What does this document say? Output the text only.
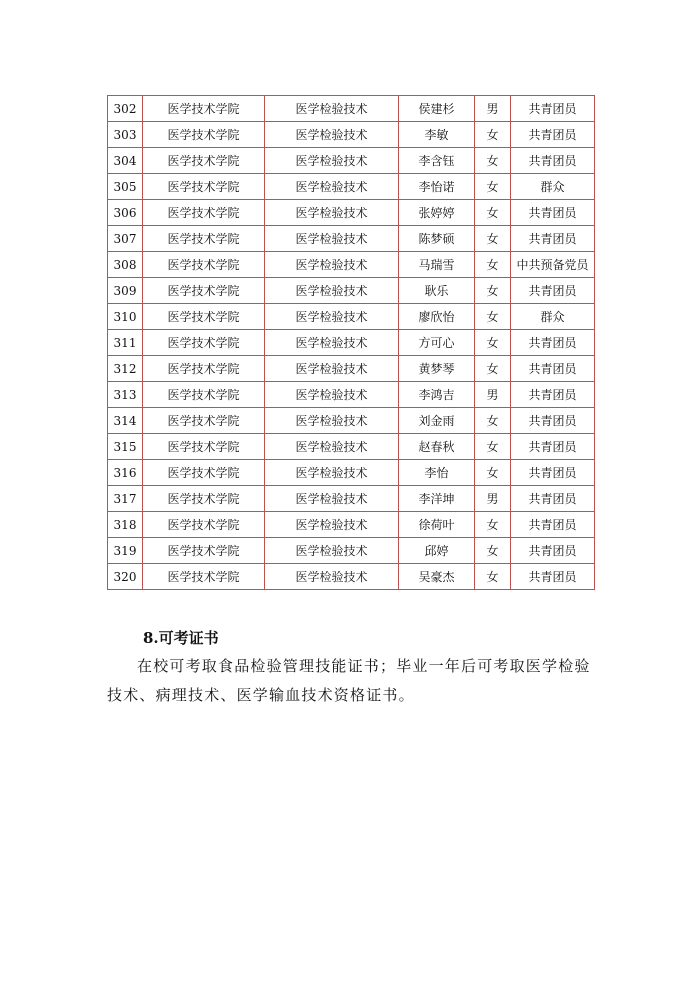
302	医学技术学院	医学检验技术	侯建杉	男	共青团员
303	医学技术学院	医学检验技术	李敏	女	共青团员
304	医学技术学院	医学检验技术	李含钰	女	共青团员
305	医学技术学院	医学检验技术	李怡诺	女	群众
306	医学技术学院	医学检验技术	张婷婷	女	共青团员
307	医学技术学院	医学检验技术	陈梦硕	女	共青团员
308	医学技术学院	医学检验技术	马瑞雪	女	中共预备党员
309	医学技术学院	医学检验技术	耿乐	女	共青团员
310	医学技术学院	医学检验技术	廖欣怡	女	群众
311	医学技术学院	医学检验技术	方可心	女	共青团员
312	医学技术学院	医学检验技术	黄梦琴	女	共青团员
313	医学技术学院	医学检验技术	李鸿吉	男	共青团员
314	医学技术学院	医学检验技术	刘金雨	女	共青团员
315	医学技术学院	医学检验技术	赵春秋	女	共青团员
316	医学技术学院	医学检验技术	李怡	女	共青团员
317	医学技术学院	医学检验技术	李洋坤	男	共青团员
318	医学技术学院	医学检验技术	徐荷叶	女	共青团员
319	医学技术学院	医学检验技术	邱婷	女	共青团员
320	医学技术学院	医学检验技术	吴豪杰	女	共青团员

8.可考证书

在校可考取食品检验管理技能证书；毕业一年后可考取医学检验技术、病理技术、医学输血技术资格证书。
